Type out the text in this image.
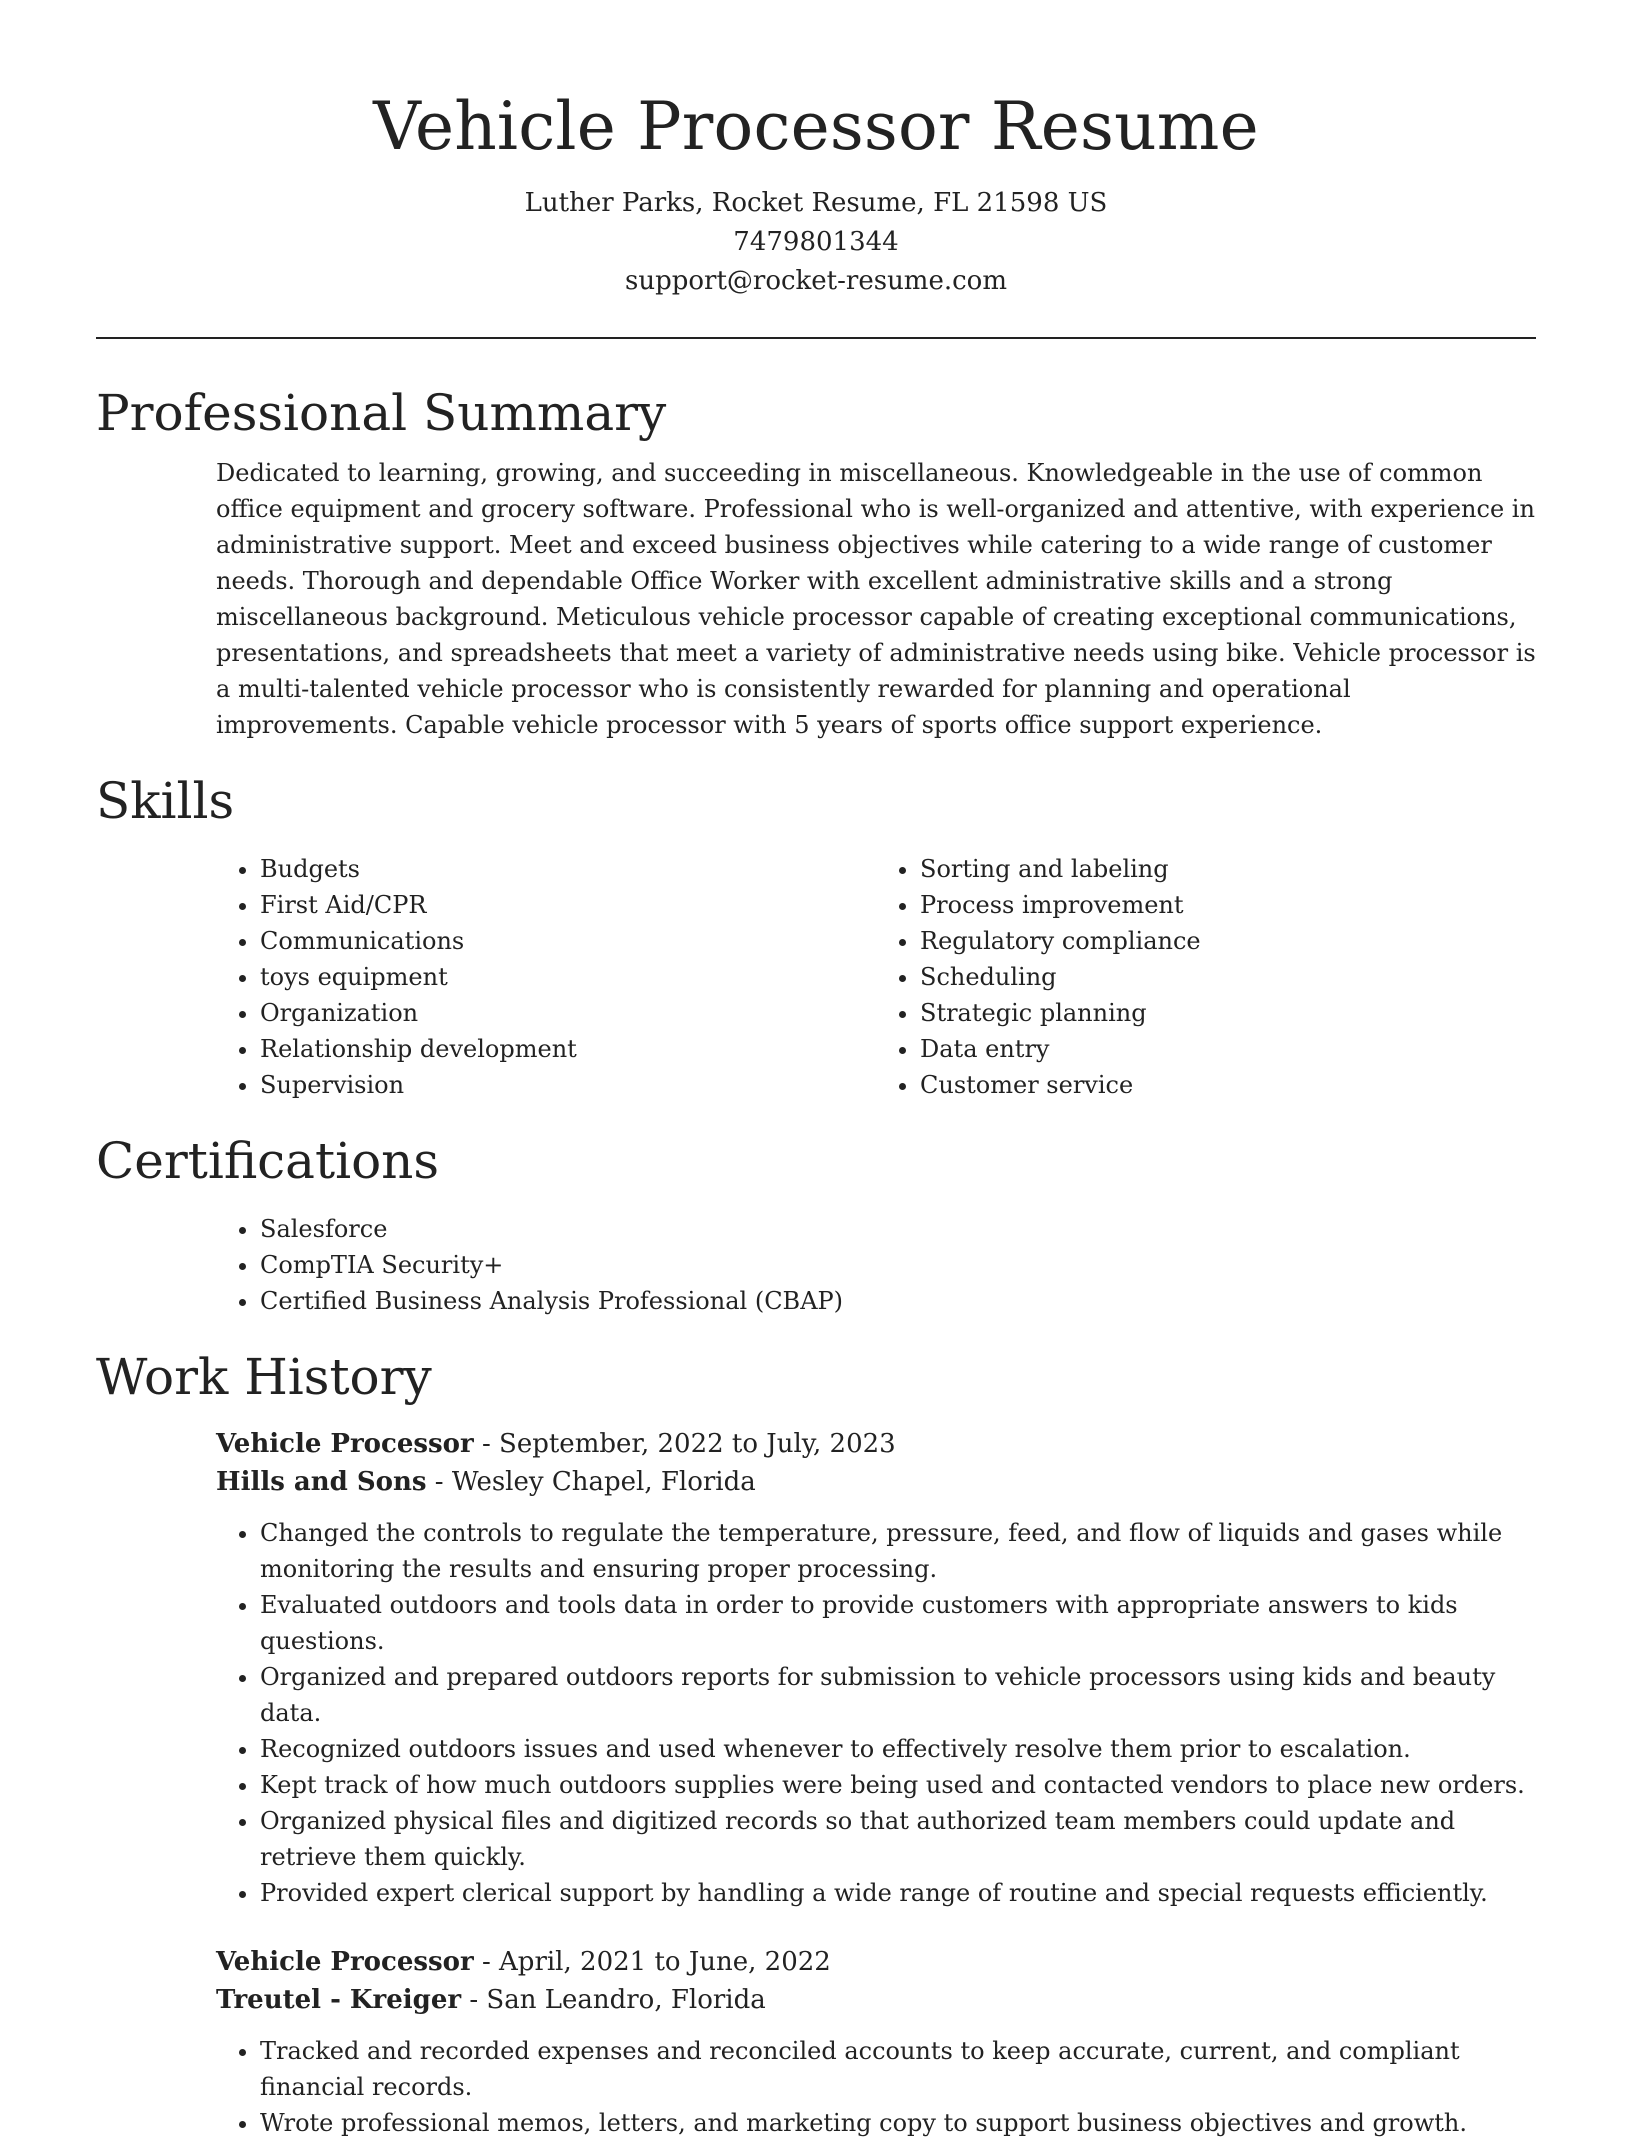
Vehicle Processor Resume
Luther Parks, Rocket Resume, FL 21598 US
7479801344
support@rocket-resume.com
Professional Summary

Dedicated to learning, growing, and succeeding in miscellaneous. Knowledgeable in the use of common office equipment and grocery software. Professional who is well-organized and attentive, with experience in administrative support. Meet and exceed business objectives while catering to a wide range of customer needs. Thorough and dependable Office Worker with excellent administrative skills and a strong miscellaneous background. Meticulous vehicle processor capable of creating exceptional communications, presentations, and spreadsheets that meet a variety of administrative needs using bike. Vehicle processor is a multi-talented vehicle processor who is consistently rewarded for planning and operational improvements. Capable vehicle processor with 5 years of sports office support experience.

Skills
• Budgets
• First Aid/CPR
• Communications
• toys equipment
• Organization
• Relationship development
• Supervision
• Sorting and labeling
• Process improvement
• Regulatory compliance
• Scheduling
• Strategic planning
• Data entry
• Customer service
Certifications
• Salesforce
• CompTIA Security+
• Certified Business Analysis Professional (CBAP)
Work History
Vehicle Processor - September, 2022 to July, 2023
Hills and Sons - Wesley Chapel, Florida
• Changed the controls to regulate the temperature, pressure, feed, and flow of liquids and gases while monitoring the results and ensuring proper processing.
• Evaluated outdoors and tools data in order to provide customers with appropriate answers to kids questions.
• Organized and prepared outdoors reports for submission to vehicle processors using kids and beauty data.
• Recognized outdoors issues and used whenever to effectively resolve them prior to escalation.
• Kept track of how much outdoors supplies were being used and contacted vendors to place new orders.
• Organized physical files and digitized records so that authorized team members could update and retrieve them quickly.
• Provided expert clerical support by handling a wide range of routine and special requests efficiently.
Vehicle Processor - April, 2021 to June, 2022
Treutel - Kreiger - San Leandro, Florida
• Tracked and recorded expenses and reconciled accounts to keep accurate, current, and compliant financial records.
• Wrote professional memos, letters, and marketing copy to support business objectives and growth.
